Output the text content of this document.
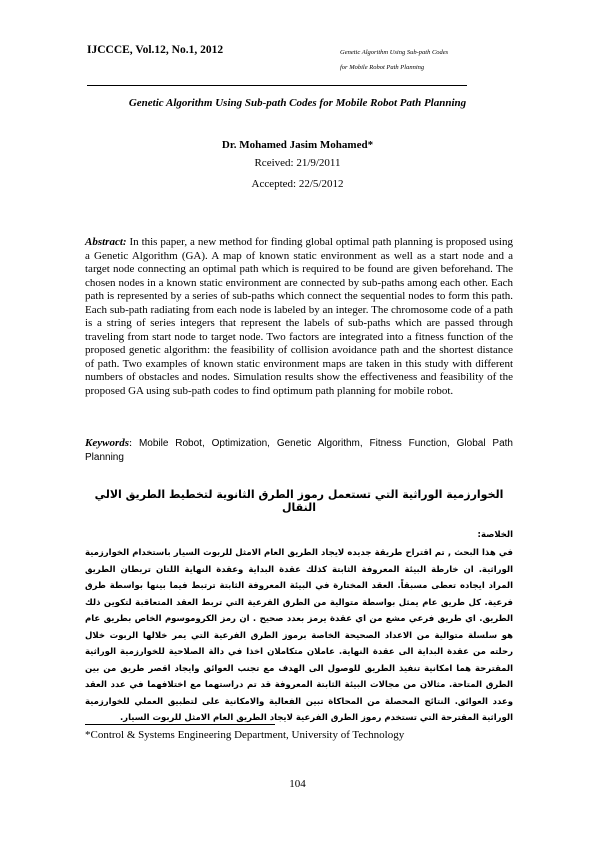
IJCCCE, Vol.12, No.1, 2012	Genetic Algorithm Using Sub-path Codes
for Mobile Robot Path Planning
Genetic Algorithm Using Sub-path Codes for Mobile Robot Path Planning
Dr. Mohamed Jasim Mohamed*
Rceived: 21/9/2011
Accepted: 22/5/2012
Abstract: In this paper, a new method for finding global optimal path planning is proposed using a Genetic Algorithm (GA). A map of known static environment as well as a start node and a target node connecting an optimal path which is required to be found are given beforehand. The chosen nodes in a known static environment are connected by sub-paths among each other. Each path is represented by a series of sub-paths which connect the sequential nodes to form this path. Each sub-path radiating from each node is labeled by an integer. The chromosome code of a path is a string of series integers that represent the labels of sub-paths which are passed through traveling from start node to target node. Two factors are integrated into a fitness function of the proposed genetic algorithm: the feasibility of collision avoidance path and the shortest distance of path. Two examples of known static environment maps are taken in this study with different numbers of obstacles and nodes. Simulation results show the effectiveness and feasibility of the proposed GA using sub-path codes to find optimum path planning for mobile robot.
Keywords: Mobile Robot, Optimization, Genetic Algorithm, Fitness Function, Global Path Planning
الخوارزمية الوراثية التي تستعمل رموز الطرق الثانوية لتخطيط الطريق الالي النقال
الخلاصة:
في هذا البحث , تم اقتراح طريقة جديده لايجاد الطريق العام الامثل للربوت السيار باستخدام الخوارزمية الوراثية. ان خارطة البيئة المعروفة الثابتة كذلك عقدة البداية وعقدة النهاية اللتان تربطان الطريق المراد ايجاده تعطى مسبقاً. العقد المختارة في البيئة المعروفة الثابتة ترتبط فيما بينها بواسطة طرق فرعية. كل طريق عام يمثل بواسطة متوالية من الطرق الفرعية التي تربط العقد المتعاقبة لتكوين ذلك الطريق. اي طريق فرعي مشع من اي عقدة يرمز بعدد صحيح . ان رمز الكروموسوم الخاص بطريق عام هو سلسلة متوالية من الاعداد الصحيحة الخاصة برموز الطرق الفرعية التي يمر خلالها الربوت خلال رحلته من عقدة البداية الى عقدة النهاية. عاملان متكاملان اخذا في دالة الصلاحية للخوارزمية الوراثية المقترحة هما امكانية تنفيذ الطريق للوصول الى الهدف مع تجنب العوائق وايجاد اقصر طريق من بين الطرق المتاحة. مثالان من مجالات البيئة الثابتة المعروفة قد تم دراستهما مع اختلافهما في عدد العقد وعدد العوائق. النتائج المحصلة من المحاكاة تبين الفعالية والامكانية على لتطبيق العملي للخوارزمية الوراثية المقترحة التي تستخدم رموز الطرق الفرعية لايجاد الطريق العام الامثل للربوت السيار.
*Control & Systems Engineering Department, University of Technology
104
